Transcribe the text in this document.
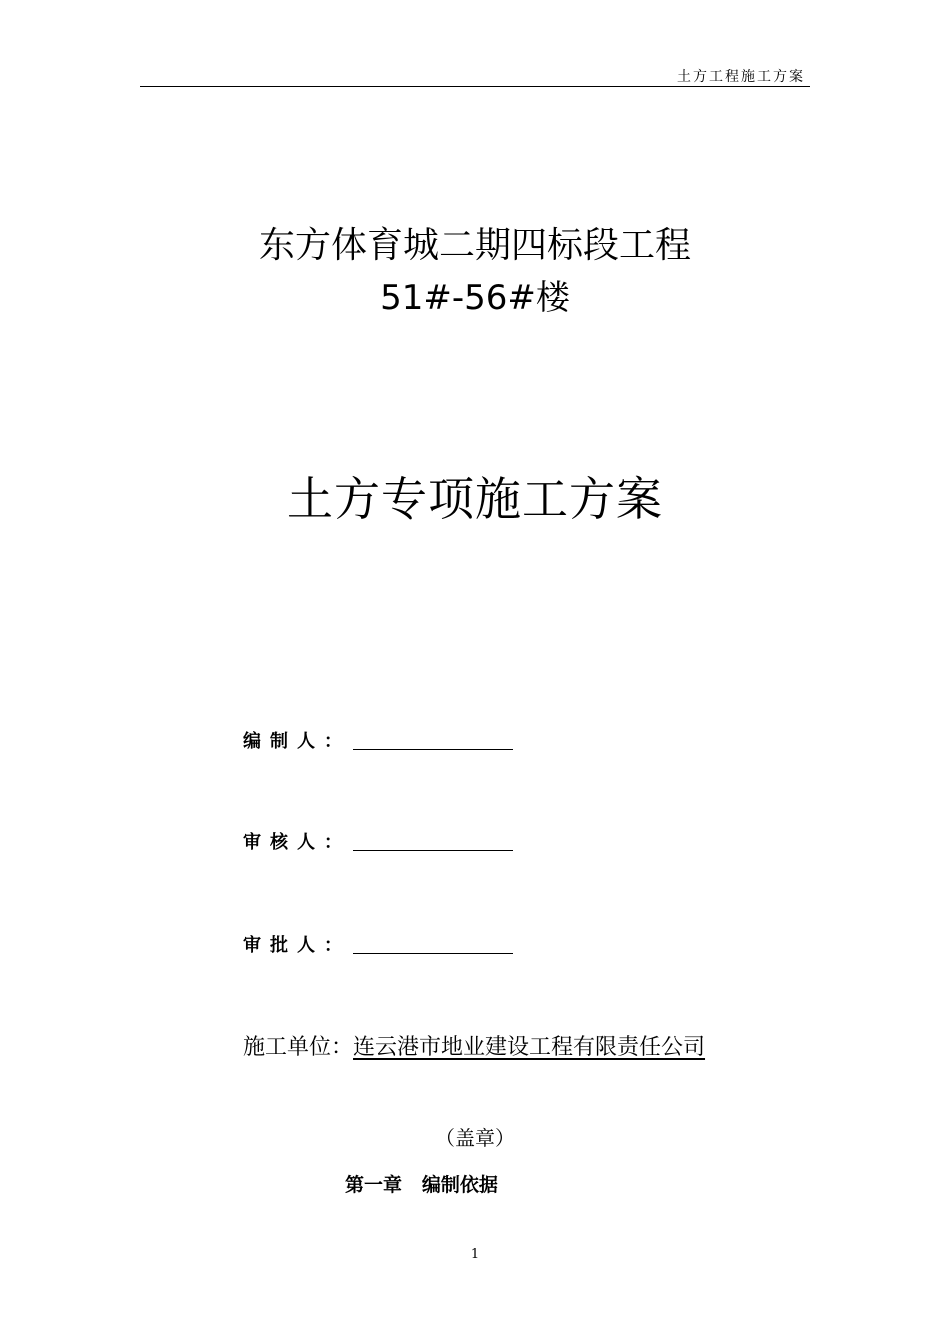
土方工程施工方案
东方体育城二期四标段工程
51#-56#楼
土方专项施工方案
编制人：
审核人：
审批人：
施工单位：连云港市地业建设工程有限责任公司
（盖章）
第一章 编制依据
1
